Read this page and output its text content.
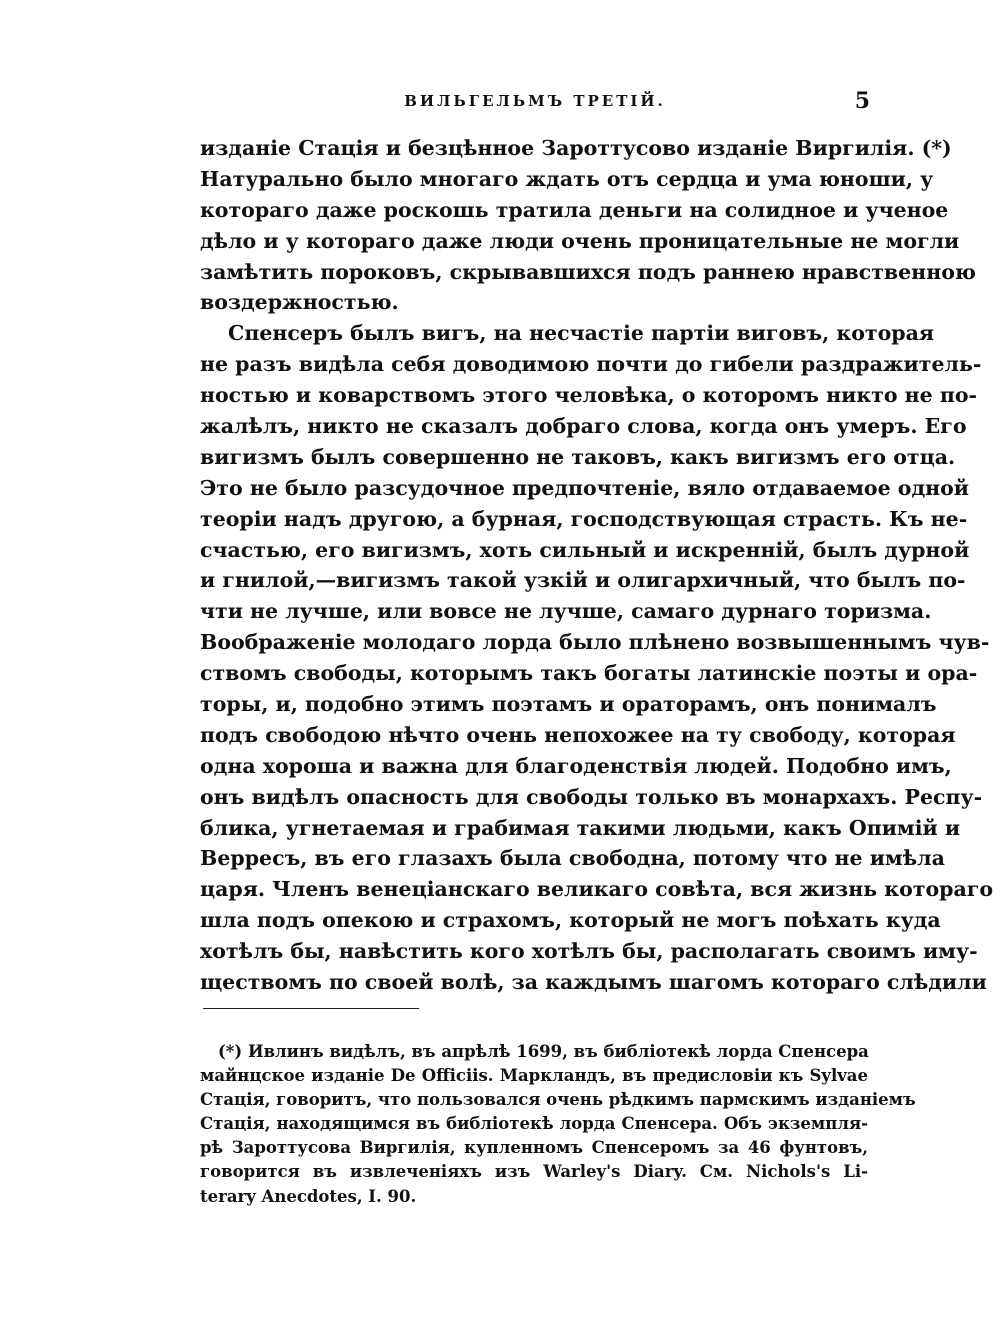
ВИЛЬГЕЛЬМЪ ТРЕТІЙ.	5
изданіе Стація и безцѣнное Зароттусово изданіе Виргилія. (*)
Натурально было многаго ждать отъ сердца и ума юноши, у
котораго даже роскошь тратила деньги на солидное и ученое
дѣло и у котораго даже люди очень проницательные не могли
замѣтить пороковъ, скрывавшихся подъ раннею нравственною
воздержностью.
Спенсеръ былъ вигъ, на несчастіе партіи виговъ, которая
не разъ видѣла себя доводимою почти до гибели раздражитель-
ностью и коварствомъ этого человѣка, о которомъ никто не по-
жалѣлъ, никто не сказалъ добраго слова, когда онъ умеръ. Его
вигизмъ былъ совершенно не таковъ, какъ вигизмъ его отца.
Это не было разсудочное предпочтеніе, вяло отдаваемое одной
теоріи надъ другою, а бурная, господствующая страсть. Къ не-
счастью, его вигизмъ, хоть сильный и искренній, былъ дурной
и гнилой,—вигизмъ такой узкій и олигархичный, что былъ по-
чти не лучше, или вовсе не лучше, самаго дурнаго торизма.
Воображеніе молодаго лорда было плѣнено возвышеннымъ чув-
ствомъ свободы, которымъ такъ богаты латинскіе поэты и ора-
торы, и, подобно этимъ поэтамъ и ораторамъ, онъ понималъ
подъ свободою нѣчто очень непохожее на ту свободу, которая
одна хороша и важна для благоденствія людей. Подобно имъ,
онъ видѣлъ опасность для свободы только въ монархахъ. Респу-
блика, угнетаемая и грабимая такими людьми, какъ Опимій и
Верресъ, въ его глазахъ была свободна, потому что не имѣла
царя. Членъ венеціанскаго великаго совѣта, вся жизнь котораго
шла подъ опекою и страхомъ, который не могъ поѣхать куда
хотѣлъ бы, навѣстить кого хотѣлъ бы, располагать своимъ иму-
ществомъ по своей волѣ, за каждымъ шагомъ котораго слѣдили
(*) Ивлинъ видѣлъ, въ апрѣлѣ 1699, въ библіотекѣ лорда Спенсера
майнцское изданіе De Officiis. Маркландъ, въ предисловіи къ Sylvae
Стація, говоритъ, что пользовался очень рѣдкимъ пармскимъ изданіемъ
Стація, находящимся въ библіотекѣ лорда Спенсера. Объ экземпля-
рѣ Зароттусова Виргилія, купленномъ Спенсеромъ за 46 фунтовъ,
говорится въ извлеченіяхъ изъ Warley's Diary. См. Nichols's Li-
terary Anecdotes, I. 90.
